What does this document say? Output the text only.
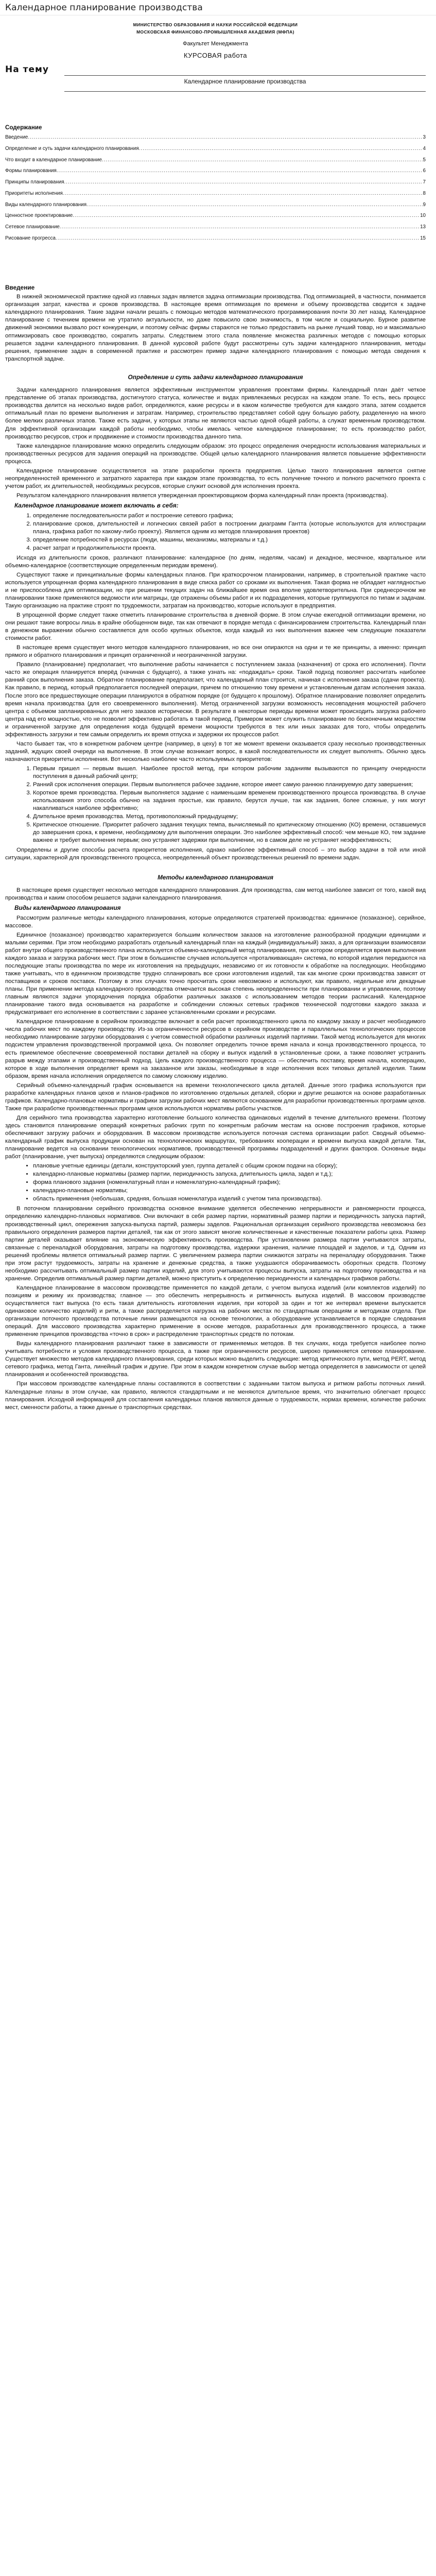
Календарное планирование производства
МИНИСТЕРСТВО ОБРАЗОВАНИЯ И НАУКИ РОССИЙСКОЙ ФЕДЕРАЦИИ
МОСКОВСКАЯ ФИНАНСОВО-ПРОМЫШЛЕННАЯ АКАДЕМИЯ (МФПА)
Факультет Менеджмента
КУРСОВАЯ работа
На тему
Календарное планирование производства
Содержание
Введение .....	3
Определение и суть задачи календарного планирования .....	4
Что входит в календарное планирование .....	5
Формы планирования .....	6
Принципы планирования .....	7
Приоритеты исполнения .....	8
Виды календарного планирования .....	9
Ценностное проектирование .....	10
Сетевое планирование .....	13
Рисование прогресса .....	15
Введение

В нижней экономической практике одной из главных задач является задача оптимизации производства. Под оптимизацией, в частности, понимается организация затрат, качества и сроков производства. В настоящее время оптимизация по времени и объему производства сводится к задаче календарного планирования. Такие задачи начали решать с помощью методов математического программирования почти 30 лет назад. Календарное планирование с течением времени не утратило актуальности, но даже повысило свою значимость, в том числе и социальную. Бурное развитие движений экономики вызвало рост конкуренции, и поэтому сейчас фирмы стараются не только предоставить на рынке лучший товар, но и максимально оптимизировать свое производство, сократить затраты. Следствием этого стала появление множества различных методов с помощью которых решается задачи календарного планирования. В данной курсовой работе будут рассмотрены суть задачи календарного планирования, методы решения, применение задач в современной практике и рассмотрен пример задачи календарного планирования с помощью метода сведения к транспортной задаче.

Определение и суть задачи календарного планирования

Задачи календарного планирования является эффективным инструментом управления проектами фирмы. Календарный план даёт четкое представление об этапах производства, достигнутого статуса, количестве и видах привлекаемых ресурсах на каждом этапе. То есть, весь процесс производства делится на несколько видов работ, определяются, какие ресурсы и в каком количестве требуются для каждого этапа, затем создается оптимальный план по времени выполнения и затратам. Например, строительство представляет собой одну большую работу, разделенную на много более мелких различных этапов. Также есть задачи, у которых этапы не являются частью одной общей работы, а служат временным производством. Для эффективной организации каждой работы необходимо, чтобы имелась четкое календарное планирование; то есть производство работ, производство ресурсов, строк и продвижение и стоимости производства данного типа.

Также календарное планирование можно определить следующим образом: это процесс определения очередности использования материальных и производственных ресурсов для задания операций на производстве. Общей целью календарного планирования является повышение эффективности процесса.

Календарное планирование осуществляется на этапе разработки проекта предприятия. Целью такого планирования является снятие неопределенностей временного и затратного характера при каждом этапе производства, то есть получение точного и полного расчетного проекта с учетом работ, их длительностей, необходимых ресурсов, которые служит основой для исполнения проекта.

Результатом календарного планирования является утвержденная проектировщиком форма календарный план проекта (производства).

Календарное планирование может включать в себя:
1. определение последовательности работ и построение сетевого графика;
2. планирование сроков, длительностей и логических связей работ в построении диаграмм Гантта (которые используются для иллюстрации плана, графика работ по какому-либо проекту). Является одним из методов планирования проектов)
3. определение потребностей в ресурсах (люди, машины, механизмы, материалы и т.д.)
4. расчет затрат и продолжительности проекта.

Исходя из длительности сроков, различают планирование: календарное (по дням, неделям, часам) и декадное, месячное, квартальное или объемно-календарное (соответствующие определенным периодам времени).

Существуют также и принципиальные формы календарных планов. При краткосрочном планировании, например, в строительной практике часто используется упрощенная форма календарного планирования в виде списка работ со сроками их выполнения. Такая форма не обладает наглядностью и не приспособлена для оптимизации, но при решении текущих задач на ближайшее время она вполне удовлетворительна. При среднесрочном же планировании также применяются ведомости или матрицы, где отражены объемы работ и их подразделения, которые группируются по типам и задачам. Такую организацию на практике строят по трудоемкости, затратам на производство, которые используют в предприятия.

В упрощенной форме следует также отметить планирование строительства в дневной форме. В этом случае ежегодной оптимизации времени, но они решают такие вопросы лишь в крайне обобщенном виде, так как отвечают в порядке метода с финансированием строительства. Календарный план в денежном выражении обычно составляется для особо крупных объектов, когда каждый из них выполнения важнее чем следующие показатели стоимости работ.

В настоящее время существует много методов календарного планирования, но все они опираются на одни и те же принципы, а именно: принцип прямого и обратного планирования и принцип ограниченной и неограниченной загрузки.

Правило (планирование) предполагает, что выполнение работы начинается с поступлением заказа (назначения) от срока его исполнения). Почти часто же операция планируется вперёд (начиная с будущего), а также узнать на: «подаждать» сроки. Такой подход позволяет рассчитать наиболее ранний срок выполнения заказа. Обратное планирование предполагает, что календарный план строится, начиная с исполнения заказа (сдачи проекта). Как правило, в период, который предполагается последней операции, причем по отношению тому времени и установленным датам исполнения заказа. После этого все предшествующие операции планируются в обратном порядке (от будущего к прошлому). Обратное планирование позволяет определить время начала производства (для его своевременного выполнения). Метод ограниченной загрузки возможность несовпадения мощностей рабочего центра с объемом запланированных для него заказов исторически. В результате в некоторые периоды времени может происходить загрузка рабочего центра над его мощностью, что не позволит эффективно работать в такой период. Примером может служить планирование по бесконечным мощностям и ограниченной загрузке для определения когда будущей времени мощности требуются в тех или иных заказах для того, чтобы определить эффективность загрузки и тем самым определить их время отпуска и задержки их процессов работ.

Часто бывает так, что в конкретном рабочем центре (например, в цеху) в тот же момент времени оказывается сразу несколько производственных заданий, ждущих своей очереди на выполнение. В этом случае возникает вопрос, в какой последовательности их следует выполнять. Обычно здесь назначаются приоритеты исполнения. Вот несколько наиболее часто используемых приоритетов:

1. Первым пришел — первым вышел. Наиболее простой метод, при котором рабочим заданиям вызываются по принципу очередности поступления в данный рабочий центр;
2. Ранний срок исполнения операции. Первым выполняется рабочее задание, которое имеет самую раннюю планируемую дату завершения;
3. Короткое время производства. Первым выполняется задание с наименьшим временем производственного процесса производства. В случае использования этого способа обычно на задания простые, как правило, берутся лучше, так как задания, более сложные, у них могут накапливаться наиболее эффективно;
4. Длительное время производства. Метод, противоположный предыдущему;
5. Критическое отношение. Приоритет рабочего задания текущих темпа, вычисляемый по критическому отношению (КО) времени, оставшемуся до завершения срока, к времени, необходимому для выполнения операции. Это наиболее эффективный способ: чем меньше КО, тем задание важнее и требует выполнения первым; оно устраняет задержки при выполнении, но в самом деле не устраняет неэффективность;

Определены и другие способы расчета приоритетов исполнения, однако наиболее эффективный способ – это выбор задачи в той или иной ситуации, характерной для производственного процесса, неопределенный объект производственных решений по времени задач.

Методы календарного планирования

В настоящее время существует несколько методов календарного планирования. Для производства, сам метод наиболее зависит от того, какой вид производства и каким способом решается задачи календарного планирования.

Виды календарного планирования

Рассмотрим различные методы календарного планирования, которые определяются стратегией производства: единичное (позаказное), серийное, массовое.

Единичное (позаказное) производство характеризуется большим количеством заказов на изготовление разнообразной продукции единицами и малыми сериями. При этом необходимо разработать отдельный календарный план на каждый (индивидуальный) заказ, а для организации взаимосвязи работ внутри общего производственного плана используется объемно-календарный метод планирования, при котором определяется время выполнения каждого заказа и загрузка рабочих мест. При этом в большинстве случаев используется «проталкивающая» система, по которой изделия передаются на последующие этапы производства по мере их изготовления на предыдущих, независимо от их готовности к обработке на последующих. Необходимо также учитывать, что в единичном производстве трудно спланировать все сроки изготовления изделий, так как многие сроки производства зависят от поставщиков и сроков поставок. Поэтому в этих случаях точно просчитать сроки невозможно и используют, как правило, недельные или декадные планы. При применении метода календарного производства отмечается высокая степень неопределенности при планировании и управлении, поэтому главным являются задачи упорядочения порядка обработки различных заказов с использованием методов теории расписаний. Календарное планирование такого вида основывается на разработке и соблюдении сложных сетевых графиков технической подготовки каждого заказа и предусматривает его исполнение в соответствии с заранее установленными сроками и ресурсами.

Календарное планирование в серийном производстве включает в себя расчет производственного цикла по каждому заказу и расчет необходимого числа рабочих мест по каждому производству. Из-за ограниченности ресурсов в серийном производстве и параллельных технологических процессов необходимо планирование загрузки оборудования с учетом совместной обработки различных изделий партиями. Такой метод используется для многих подсистем управления производственной программой цеха. Он позволяет определить точное время начала и конца производственного процесса, то есть приемлемое обеспечение своевременной поставки деталей на сборку и выпуск изделий в установленные сроки, а также позволяет устранить разрыв между этапами и производственный подход. Цель каждого производственного процесса — обеспечить поставку, время начала, кооперацию, которое в ходе выполнения определяет время на заказанное или заказы, необходимые в ходе исполнения всех типовых деталей изделия. Таким образом, время начала исполнения определяется по самому сложному изделию.

Серийный объемно-календарный график основывается на времени технологического цикла деталей. Данные этого графика используются при разработке календарных планов цехов и планов-графиков по изготовлению отдельных деталей, сборки и другие решаются на основе разработанных графиков. Календарно-плановые нормативы и графики загрузки рабочих мест являются основанием для разработки производственных программ цехов. Также при разработке производственных программ цехов используются нормативы работы участков.

Для серийного типа производства характерно изготовление большого количества одинаковых изделий в течение длительного времени. Поэтому здесь становится планирование операций конкретных рабочих групп по конкретным рабочим местам на основе построения графиков, которые обеспечивают загрузку рабочих и оборудования. В массовом производстве используется поточная система организации работ. Сводный объемно-календарный график выпуска продукции основан на технологических маршрутах, требованиях кооперации и времени выпуска каждой детали. Так, планирование ведется на основании технологических нормативов, производственной программы подразделений и других факторов. Основные виды работ (планирование, учет выпуска) определяются следующим образом:

• плановые учетные единицы (детали, конструкторский узел, группа деталей с общим сроком подачи на сборку);
• календарно-плановые нормативы (размер партии, периодичность запуска, длительность цикла, задел и т.д.);
• форма планового задания (номенклатурный план и номенклатурно-календарный график);
• календарно-плановые нормативы;
• область применения (небольшая, средняя, большая номенклатура изделий с учетом типа производства).

В поточном планировании серийного производства основное внимание уделяется обеспечению непрерывности и равномерности процесса, определению календарно-плановых нормативов. Они включают в себя размер партии, нормативный размер партии и периодичность запуска партий, производственный цикл, опережения запуска-выпуска партий, размеры заделов. Рациональная организация серийного производства невозможна без правильного определения размеров партии деталей, так как от этого зависят многие количественные и качественные показатели работы цеха. Размер партии деталей оказывает влияние на экономическую эффективность производства. При установлении размера партии учитываются затраты, связанные с переналадкой оборудования, затраты на подготовку производства, издержки хранения, наличие площадей и заделов, и т.д. Одним из решений проблемы является оптимальный размер партии. С увеличением размера партии снижаются затраты на переналадку оборудования. Также при этом растут трудоемкость, затраты на хранение и денежные средства, а также ухудшаются оборачиваемость оборотных средств. Поэтому необходимо рассчитывать оптимальный размер партии изделий, для этого учитываются процессы выпуска, затраты на подготовку производства и на хранение. Определив оптимальный размер партии деталей, можно приступить к определению периодичности и календарных графиков работы.

Календарное планирование в массовом производстве применяется по каждой детали, с учетом выпуска изделий (или комплектов изделий) по позициям и режиму их производства; главное — это обеспечить непрерывность и ритмичность выпуска изделий. В массовом производстве осуществляется такт выпуска (то есть такая длительность изготовления изделия, при которой за один и тот же интервал времени выпускается одинаковое количество изделий) и ритм, а также распределяется нагрузка на рабочих местах по стандартным операциям и методикам отдела. При организации поточного производства поточные линии размещаются на основе технологии, а оборудование устанавливается в порядке следования операций. Для массового производства характерно применение в основе методов, разработанных для производственного процесса, а также применение принципов производства «точно в срок» и распределение транспортных средств по потокам.

Виды календарного планирования различают также в зависимости от применяемых методов. В тех случаях, когда требуется наиболее полно учитывать потребности и условия производственного процесса, а также при ограниченности ресурсов, широко применяется сетевое планирование. Существует множество методов календарного планирования, среди которых можно выделить следующие: метод критического пути, метод PERT, метод сетевого графика, метод Ганта, линейный график и другие. При этом в каждом конкретном случае выбор метода определяется в зависимости от целей планирования и особенностей производства.

При массовом производстве календарные планы составляются в соответствии с заданными тактом выпуска и ритмом работы поточных линий. Календарные планы в этом случае, как правило, являются стандартными и не меняются длительное время, что значительно облегчает процесс планирования. Исходной информацией для составления календарных планов являются данные о трудоемкости, нормах времени, количестве рабочих мест, сменности работы, а также данные о транспортных средствах.
